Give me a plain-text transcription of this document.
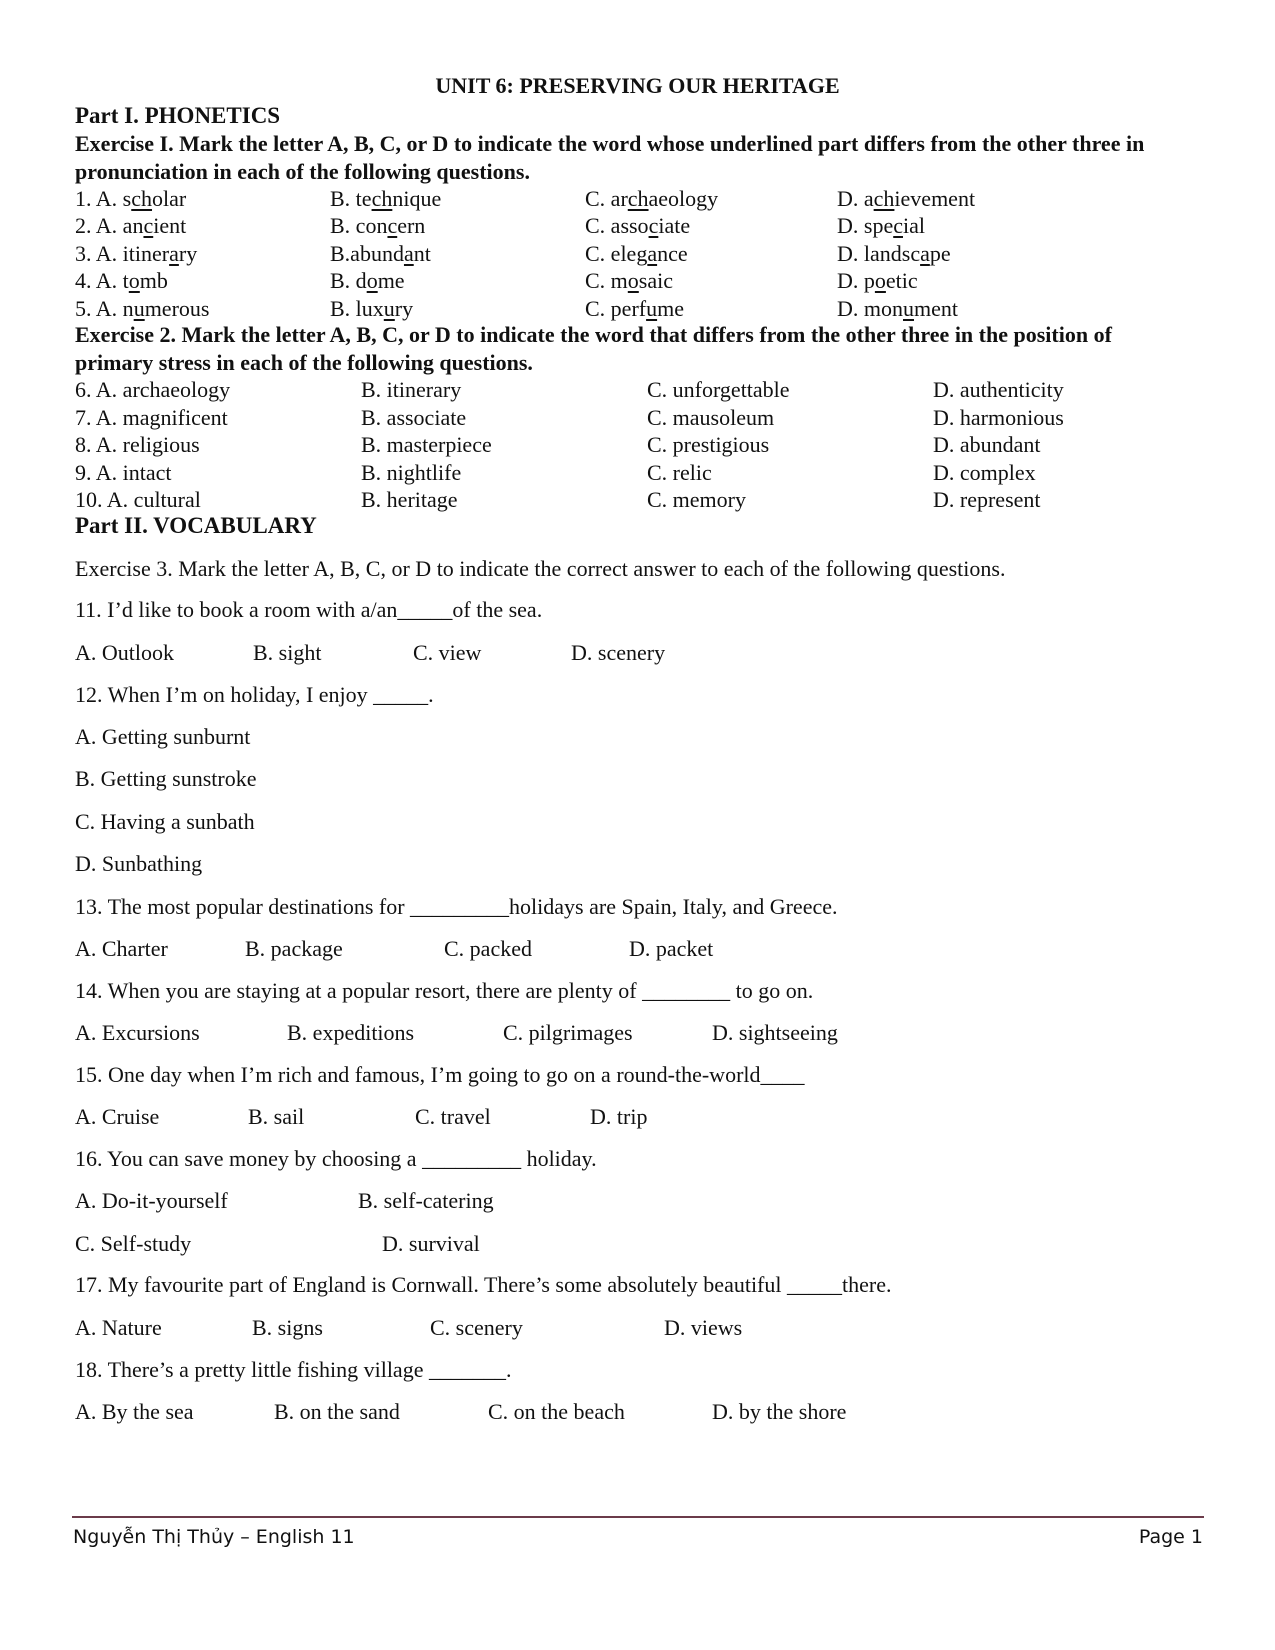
UNIT 6: PRESERVING OUR HERITAGE
Part I. PHONETICS
Exercise I. Mark the letter A, B, C, or D to indicate the word whose underlined part differs from the other three in pronunciation in each of the following questions.
1. A. scholar	B. technique	C. archaeology	D. achievement
2. A. ancient	B. concern	C. associate	D. special
3. A. itinerary	B.abundant	C. elegance	D. landscape
4. A. tomb	B. dome	C. mosaic	D. poetic
5. A. numerous	B. luxury	C. perfume	D. monument
Exercise 2. Mark the letter A, B, C, or D to indicate the word that differs from the other three in the position of primary stress in each of the following questions.
6. A. archaeology	B. itinerary	C. unforgettable	D. authenticity
7. A. magnificent	B. associate	C. mausoleum	D. harmonious
8. A. religious	B. masterpiece	C. prestigious	D. abundant
9. A. intact	B. nightlife	C. relic	D. complex
10. A. cultural	B. heritage	C. memory	D. represent
Part II. VOCABULARY
Exercise 3. Mark the letter A, B, C, or D to indicate the correct answer to each of the following questions.
11. I’d like to book a room with a/an_____of the sea.
A. Outlook	B. sight	C. view	D. scenery
12. When I’m on holiday, I enjoy _____.
A. Getting sunburnt
B. Getting sunstroke
C. Having a sunbath
D. Sunbathing
13. The most popular destinations for _________holidays are Spain, Italy, and Greece.
A. Charter	B. package	C. packed	D. packet
14. When you are staying at a popular resort, there are plenty of ________ to go on.
A. Excursions	B. expeditions	C. pilgrimages	D. sightseeing
15. One day when I’m rich and famous, I’m going to go on a round-the-world____
A. Cruise	B. sail	C. travel	D. trip
16. You can save money by choosing a _________ holiday.
A. Do-it-yourself	B. self-catering
C. Self-study	D. survival
17. My favourite part of England is Cornwall. There’s some absolutely beautiful _____there.
A. Nature	B. signs	C. scenery	D. views
18. There’s a pretty little fishing village _______.
A. By the sea	B. on the sand	C. on the beach	D. by the shore
Nguyễn Thị Thủy – English 11	Page 1
